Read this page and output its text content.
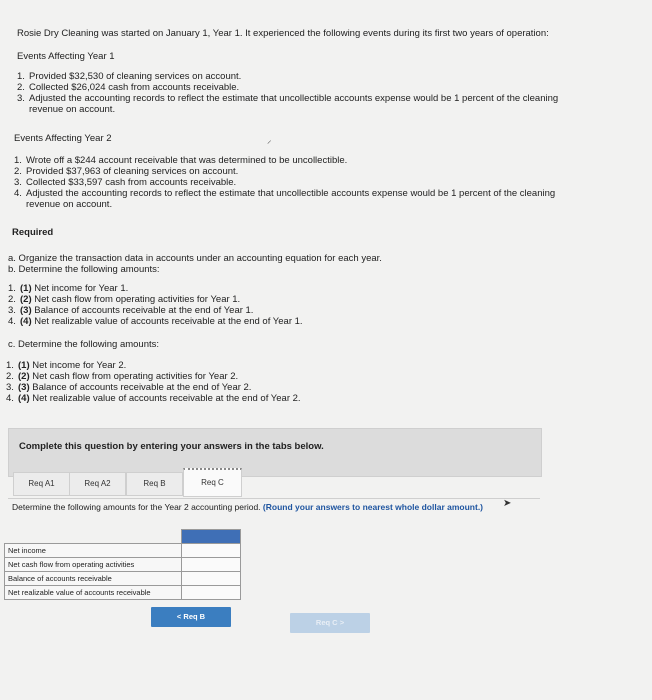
Rosie Dry Cleaning was started on January 1, Year 1. It experienced the following events during its first two years of operation:
Events Affecting Year 1
1. Provided $32,530 of cleaning services on account.
2. Collected $26,024 cash from accounts receivable.
3. Adjusted the accounting records to reflect the estimate that uncollectible accounts expense would be 1 percent of the cleaning revenue on account.
Events Affecting Year 2	⸝
1. Wrote off a $244 account receivable that was determined to be uncollectible.
2. Provided $37,963 of cleaning services on account.
3. Collected $33,597 cash from accounts receivable.
4. Adjusted the accounting records to reflect the estimate that uncollectible accounts expense would be 1 percent of the cleaning revenue on account.
Required
a. Organize the transaction data in accounts under an accounting equation for each year.
b. Determine the following amounts:
1. (1) Net income for Year 1.
2. (2) Net cash flow from operating activities for Year 1.
3. (3) Balance of accounts receivable at the end of Year 1.
4. (4) Net realizable value of accounts receivable at the end of Year 1.
c. Determine the following amounts:
1. (1) Net income for Year 2.
2. (2) Net cash flow from operating activities for Year 2.
3. (3) Balance of accounts receivable at the end of Year 2.
4. (4) Net realizable value of accounts receivable at the end of Year 2.
Complete this question by entering your answers in the tabs below.
Req A1	Req A2	Req B	Req C
Determine the following amounts for the Year 2 accounting period. (Round your answers to nearest whole dollar amount.) ➤

Net income	
Net cash flow from operating activities	
Balance of accounts receivable	
Net realizable value of accounts receivable	
< Req B
Req C >
